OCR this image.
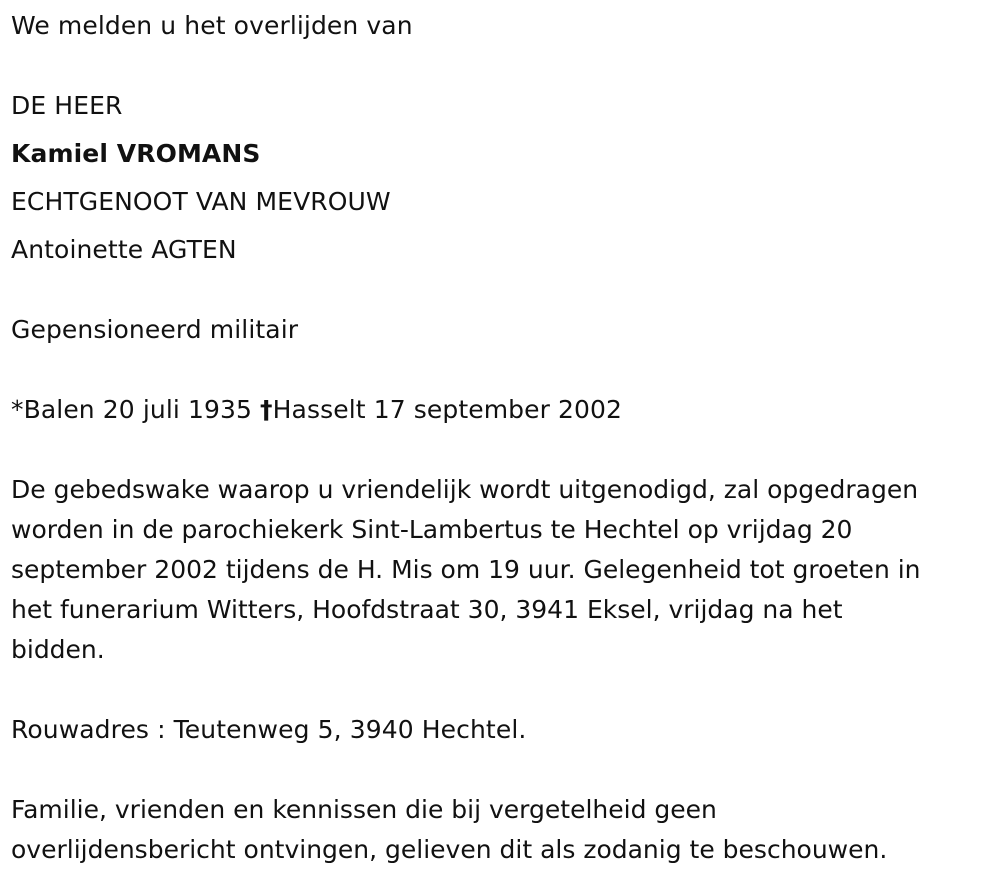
We melden u het overlijden van
DE HEER
Kamiel VROMANS
ECHTGENOOT VAN MEVROUW
Antoinette AGTEN
Gepensioneerd militair
*Balen 20 juli 1935 †Hasselt 17 september 2002
De gebedswake waarop u vriendelijk wordt uitgenodigd, zal opgedragen
worden in de parochiekerk Sint-Lambertus te Hechtel op vrijdag 20
september 2002 tijdens de H. Mis om 19 uur. Gelegenheid tot groeten in
het funerarium Witters, Hoofdstraat 30, 3941 Eksel, vrijdag na het
bidden.
Rouwadres : Teutenweg 5, 3940 Hechtel.
Familie, vrienden en kennissen die bij vergetelheid geen
overlijdensbericht ontvingen, gelieven dit als zodanig te beschouwen.
